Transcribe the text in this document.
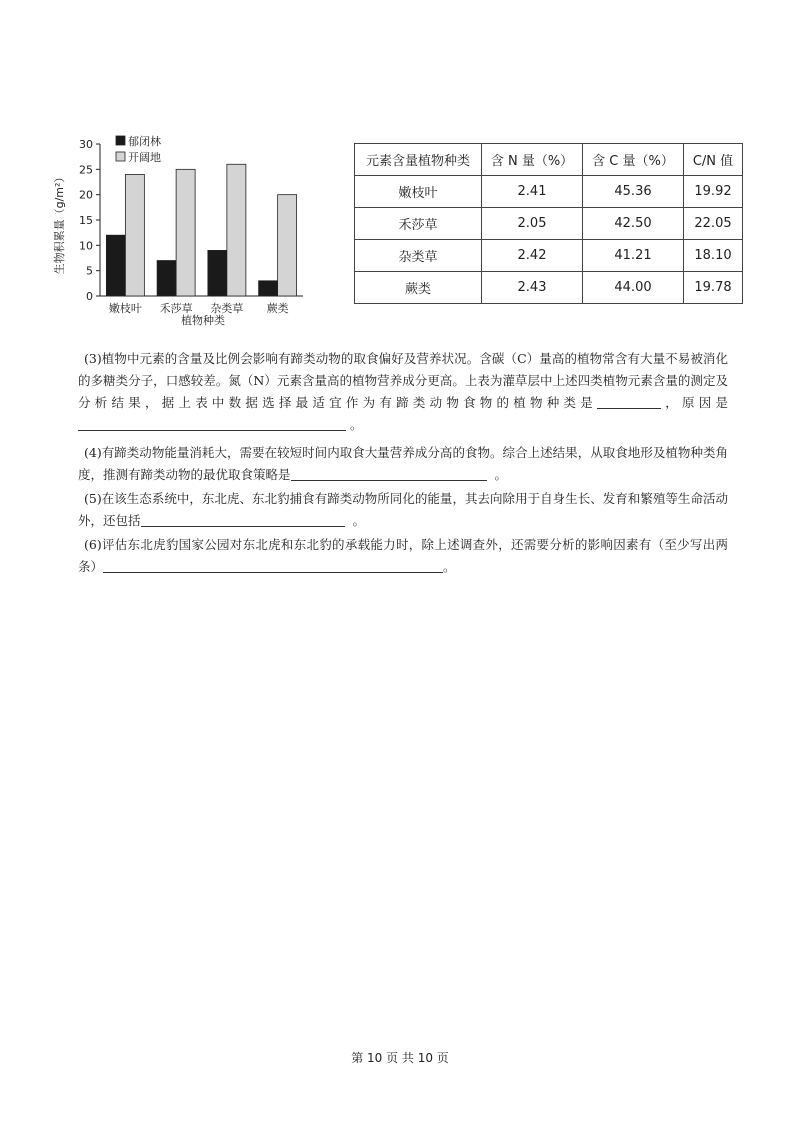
0
5
10
15
20
25
30
嫩枝叶 禾莎草 杂类草 蕨类
生物积累量（g/m²）
植物种类
郁闭林
开阔地	元素含量植物种类	含 N 量（%）	含 C 量（%）	C/N 值
嫩枝叶	2.41	45.36	19.92
禾莎草	2.05	42.50	22.05
杂类草	2.42	41.21	18.10
蕨类	2.43	44.00	19.78
(3)植物中元素的含量及比例会影响有蹄类动物的取食偏好及营养状况。含碳（C）量高的植物常含有大量不易被消化的多糖类分子，口感较差。氮（N）元素含量高的植物营养成分更高。上表为灌草层中上述四类植物元素含量的测定及分析结果，据上表中数据选择最适宜作为有蹄类动物食物的植物种类是	，原因是 。
(4)有蹄类动物能量消耗大，需要在较短时间内取食大量营养成分高的食物。综合上述结果，从取食地形及植物种类角度，推测有蹄类动物的最优取食策略是	。
(5)在该生态系统中，东北虎、东北豹捕食有蹄类动物所同化的能量，其去向除用于自身生长、发育和繁殖等生命活动外，还包括	。
(6)评估东北虎豹国家公园对东北虎和东北豹的承载能力时，除上述调查外，还需要分析的影响因素有（至少写出两条）	。
第 10 页 共 10 页
